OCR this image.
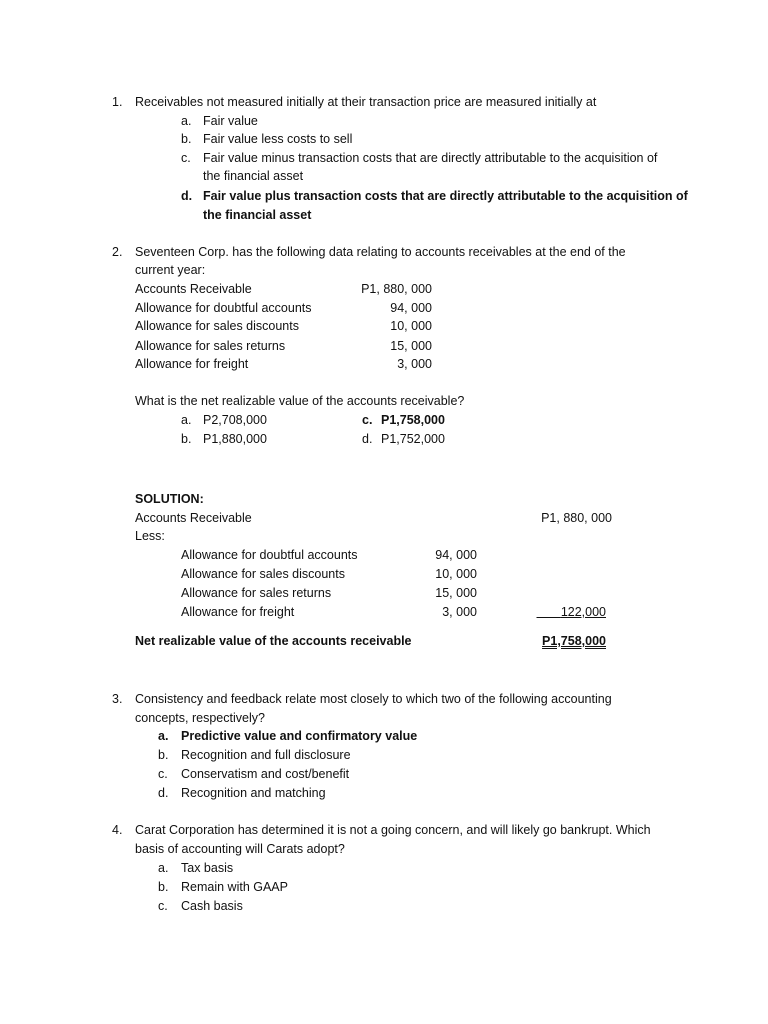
1. Receivables not measured initially at their transaction price are measured initially at
a. Fair value
b. Fair value less costs to sell
c. Fair value minus transaction costs that are directly attributable to the acquisition of
the financial asset
d. Fair value plus transaction costs that are directly attributable to the acquisition of
the financial asset
2. Seventeen Corp. has the following data relating to accounts receivables at the end of the
current year:
Accounts Receivable	P1, 880, 000
Allowance for doubtful accounts	94, 000
Allowance for sales discounts	10, 000
Allowance for sales returns	15, 000
Allowance for freight	3, 000
What is the net realizable value of the accounts receivable?
a. P2,708,000	c. P1,758,000
b. P1,880,000	d. P1,752,000
SOLUTION:
Accounts Receivable	P1, 880, 000
Less:
Allowance for doubtful accounts	94, 000
Allowance for sales discounts	10, 000
Allowance for sales returns	15, 000
Allowance for freight	3, 000	122,000
Net realizable value of the accounts receivable	P1,758,000
3. Consistency and feedback relate most closely to which two of the following accounting
concepts, respectively?
a. Predictive value and confirmatory value
b. Recognition and full disclosure
c. Conservatism and cost/benefit
d. Recognition and matching
4. Carat Corporation has determined it is not a going concern, and will likely go bankrupt. Which
basis of accounting will Carats adopt?
a. Tax basis
b. Remain with GAAP
c. Cash basis
